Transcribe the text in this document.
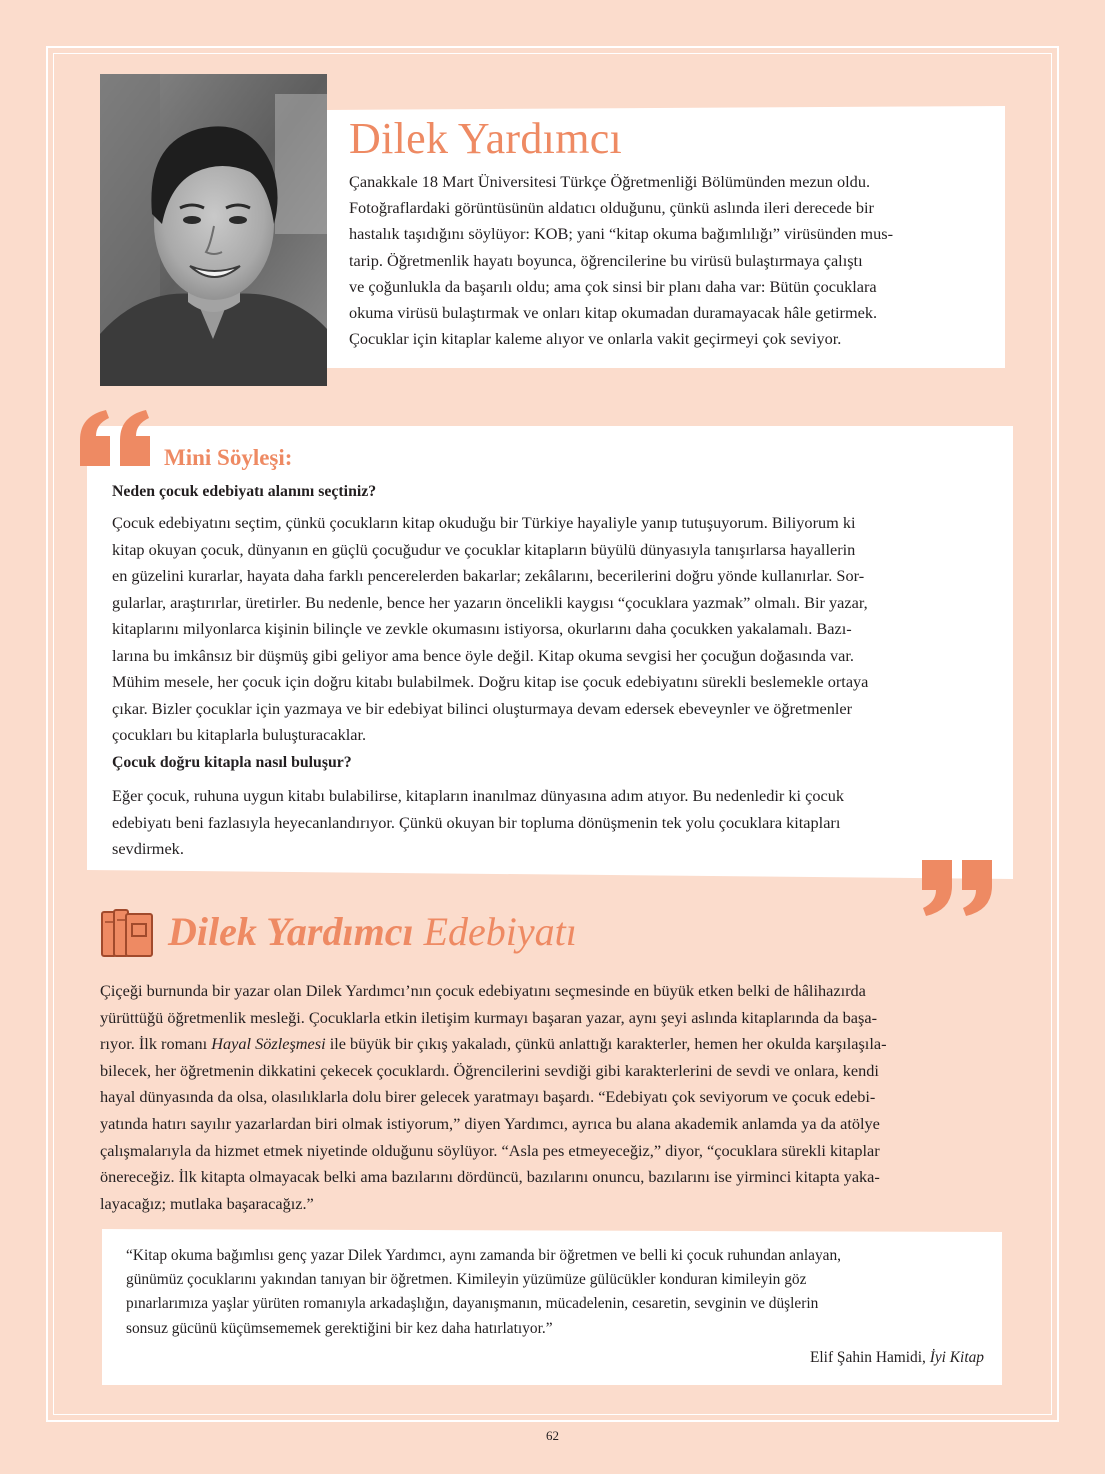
Dilek Yardımcı
Çanakkale 18 Mart Üniversitesi Türkçe Öğretmenliği Bölümünden mezun oldu.
Fotoğraflardaki görüntüsünün aldatıcı olduğunu, çünkü aslında ileri derecede bir
hastalık taşıdığını söylüyor: KOB; yani “kitap okuma bağımlılığı” virüsünden mus-
tarip. Öğretmenlik hayatı boyunca, öğrencilerine bu virüsü bulaştırmaya çalıştı
ve çoğunlukla da başarılı oldu; ama çok sinsi bir planı daha var: Bütün çocuklara
okuma virüsü bulaştırmak ve onları kitap okumadan duramayacak hâle getirmek.
Çocuklar için kitaplar kaleme alıyor ve onlarla vakit geçirmeyi çok seviyor.
Mini Söyleşi:

Neden çocuk edebiyatı alanını seçtiniz?

Çocuk edebiyatını seçtim, çünkü çocukların kitap okuduğu bir Türkiye hayaliyle yanıp tutuşuyorum. Biliyorum ki
kitap okuyan çocuk, dünyanın en güçlü çocuğudur ve çocuklar kitapların büyülü dünyasıyla tanışırlarsa hayallerin
en güzelini kurarlar, hayata daha farklı pencerelerden bakarlar; zekâlarını, becerilerini doğru yönde kullanırlar. Sor-
gularlar, araştırırlar, üretirler. Bu nedenle, bence her yazarın öncelikli kaygısı “çocuklara yazmak” olmalı. Bir yazar,
kitaplarını milyonlarca kişinin bilinçle ve zevkle okumasını istiyorsa, okurlarını daha çocukken yakalamalı. Bazı-
larına bu imkânsız bir düşmüş gibi geliyor ama bence öyle değil. Kitap okuma sevgisi her çocuğun doğasında var.
Mühim mesele, her çocuk için doğru kitabı bulabilmek. Doğru kitap ise çocuk edebiyatını sürekli beslemekle ortaya
çıkar. Bizler çocuklar için yazmaya ve bir edebiyat bilinci oluşturmaya devam edersek ebeveynler ve öğretmenler
çocukları bu kitaplarla buluşturacaklar.

Çocuk doğru kitapla nasıl buluşur?

Eğer çocuk, ruhuna uygun kitabı bulabilirse, kitapların inanılmaz dünyasına adım atıyor. Bu nedenledir ki çocuk
edebiyatı beni fazlasıyla heyecanlandırıyor. Çünkü okuyan bir topluma dönüşmenin tek yolu çocuklara kitapları
sevdirmek.
Dilek Yardımcı Edebiyatı
Çiçeği burnunda bir yazar olan Dilek Yardımcı’nın çocuk edebiyatını seçmesinde en büyük etken belki de hâlihazırda
yürüttüğü öğretmenlik mesleği. Çocuklarla etkin iletişim kurmayı başaran yazar, aynı şeyi aslında kitaplarında da başa-
rıyor. İlk romanı Hayal Sözleşmesi ile büyük bir çıkış yakaladı, çünkü anlattığı karakterler, hemen her okulda karşılaşıla-
bilecek, her öğretmenin dikkatini çekecek çocuklardı. Öğrencilerini sevdiği gibi karakterlerini de sevdi ve onlara, kendi
hayal dünyasında da olsa, olasılıklarla dolu birer gelecek yaratmayı başardı. “Edebiyatı çok seviyorum ve çocuk edebi-
yatında hatırı sayılır yazarlardan biri olmak istiyorum,” diyen Yardımcı, ayrıca bu alana akademik anlamda ya da atölye
çalışmalarıyla da hizmet etmek niyetinde olduğunu söylüyor. “Asla pes etmeyeceğiz,” diyor, “çocuklara sürekli kitaplar
önereceğiz. İlk kitapta olmayacak belki ama bazılarını dördüncü, bazılarını onuncu, bazılarını ise yirminci kitapta yaka-
layacağız; mutlaka başaracağız.”
“Kitap okuma bağımlısı genç yazar Dilek Yardımcı, aynı zamanda bir öğretmen ve belli ki çocuk ruhundan anlayan,
günümüz çocuklarını yakından tanıyan bir öğretmen. Kimileyin yüzümüze gülücükler konduran kimileyin göz
pınarlarımıza yaşlar yürüten romanıyla arkadaşlığın, dayanışmanın, mücadelenin, cesaretin, sevginin ve düşlerin
sonsuz gücünü küçümsememek gerektiğini bir kez daha hatırlatıyor.”
Elif Şahin Hamidi, İyi Kitap
62
